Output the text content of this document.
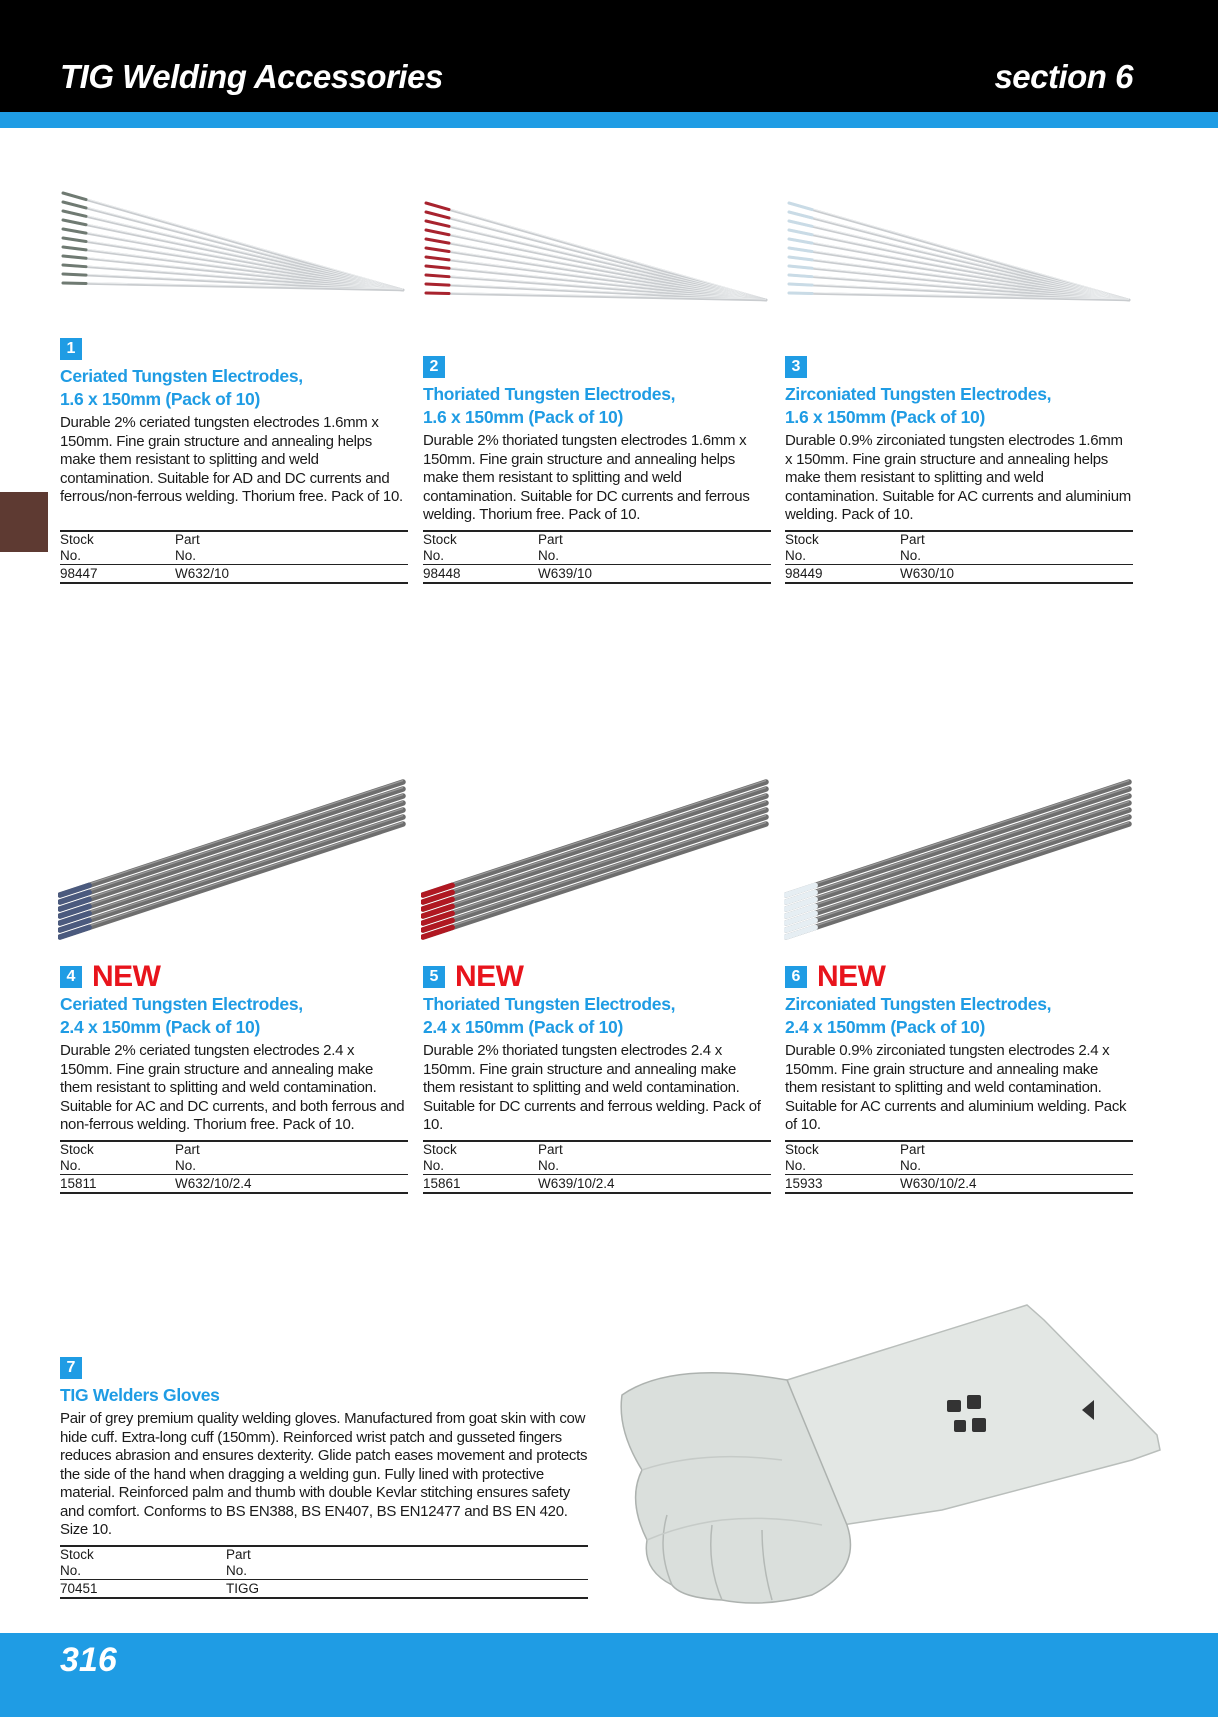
TIG Welding Accessories	section 6
1
Ceriated Tungsten Electrodes,
1.6 x 150mm (Pack of 10)
Durable 2% ceriated tungsten electrodes 1.6mm x 150mm. Fine grain structure and annealing helps make them resistant to splitting and weld contamination. Suitable for AD and DC currents and ferrous/non-ferrous welding. Thorium free. Pack of 10.
Stock
No.	Part
No.
98447	W632/10
2
Thoriated Tungsten Electrodes,
1.6 x 150mm (Pack of 10)
Durable 2% thoriated tungsten electrodes 1.6mm x 150mm. Fine grain structure and annealing helps make them resistant to splitting and weld contamination. Suitable for DC currents and ferrous welding. Thorium free. Pack of 10.
Stock
No.	Part
No.
98448	W639/10
3
Zirconiated Tungsten Electrodes,
1.6 x 150mm (Pack of 10)
Durable 0.9% zirconiated tungsten electrodes 1.6mm x 150mm. Fine grain structure and annealing helps make them resistant to splitting and weld contamination. Suitable for AC currents and aluminium welding. Pack of 10.
Stock
No.	Part
No.
98449	W630/10
4 NEW
Ceriated Tungsten Electrodes,
2.4 x 150mm (Pack of 10)
Durable 2% ceriated tungsten electrodes 2.4 x 150mm. Fine grain structure and annealing make them resistant to splitting and weld contamination. Suitable for AC and DC currents, and both ferrous and non-ferrous welding. Thorium free. Pack of 10.
Stock
No.	Part
No.
15811	W632/10/2.4
5 NEW
Thoriated Tungsten Electrodes,
2.4 x 150mm (Pack of 10)
Durable 2% thoriated tungsten electrodes 2.4 x 150mm. Fine grain structure and annealing make them resistant to splitting and weld contamination. Suitable for DC currents and ferrous welding. Pack of 10.
Stock
No.	Part
No.
15861	W639/10/2.4
6 NEW
Zirconiated Tungsten Electrodes,
2.4 x 150mm (Pack of 10)
Durable 0.9% zirconiated tungsten electrodes 2.4 x 150mm. Fine grain structure and annealing make them resistant to splitting and weld contamination. Suitable for AC currents and aluminium welding. Pack of 10.
Stock
No.	Part
No.
15933	W630/10/2.4
7
TIG Welders Gloves
Pair of grey premium quality welding gloves. Manufactured from goat skin with cow hide cuff. Extra-long cuff (150mm). Reinforced wrist patch and gusseted fingers reduces abrasion and ensures dexterity. Glide patch eases movement and protects the side of the hand when dragging a welding gun. Fully lined with protective material. Reinforced palm and thumb with double Kevlar stitching ensures safety and comfort. Conforms to BS EN388, BS EN407, BS EN12477 and BS EN 420. Size 10.
Stock
No.	Part
No.
70451	TIGG
316
